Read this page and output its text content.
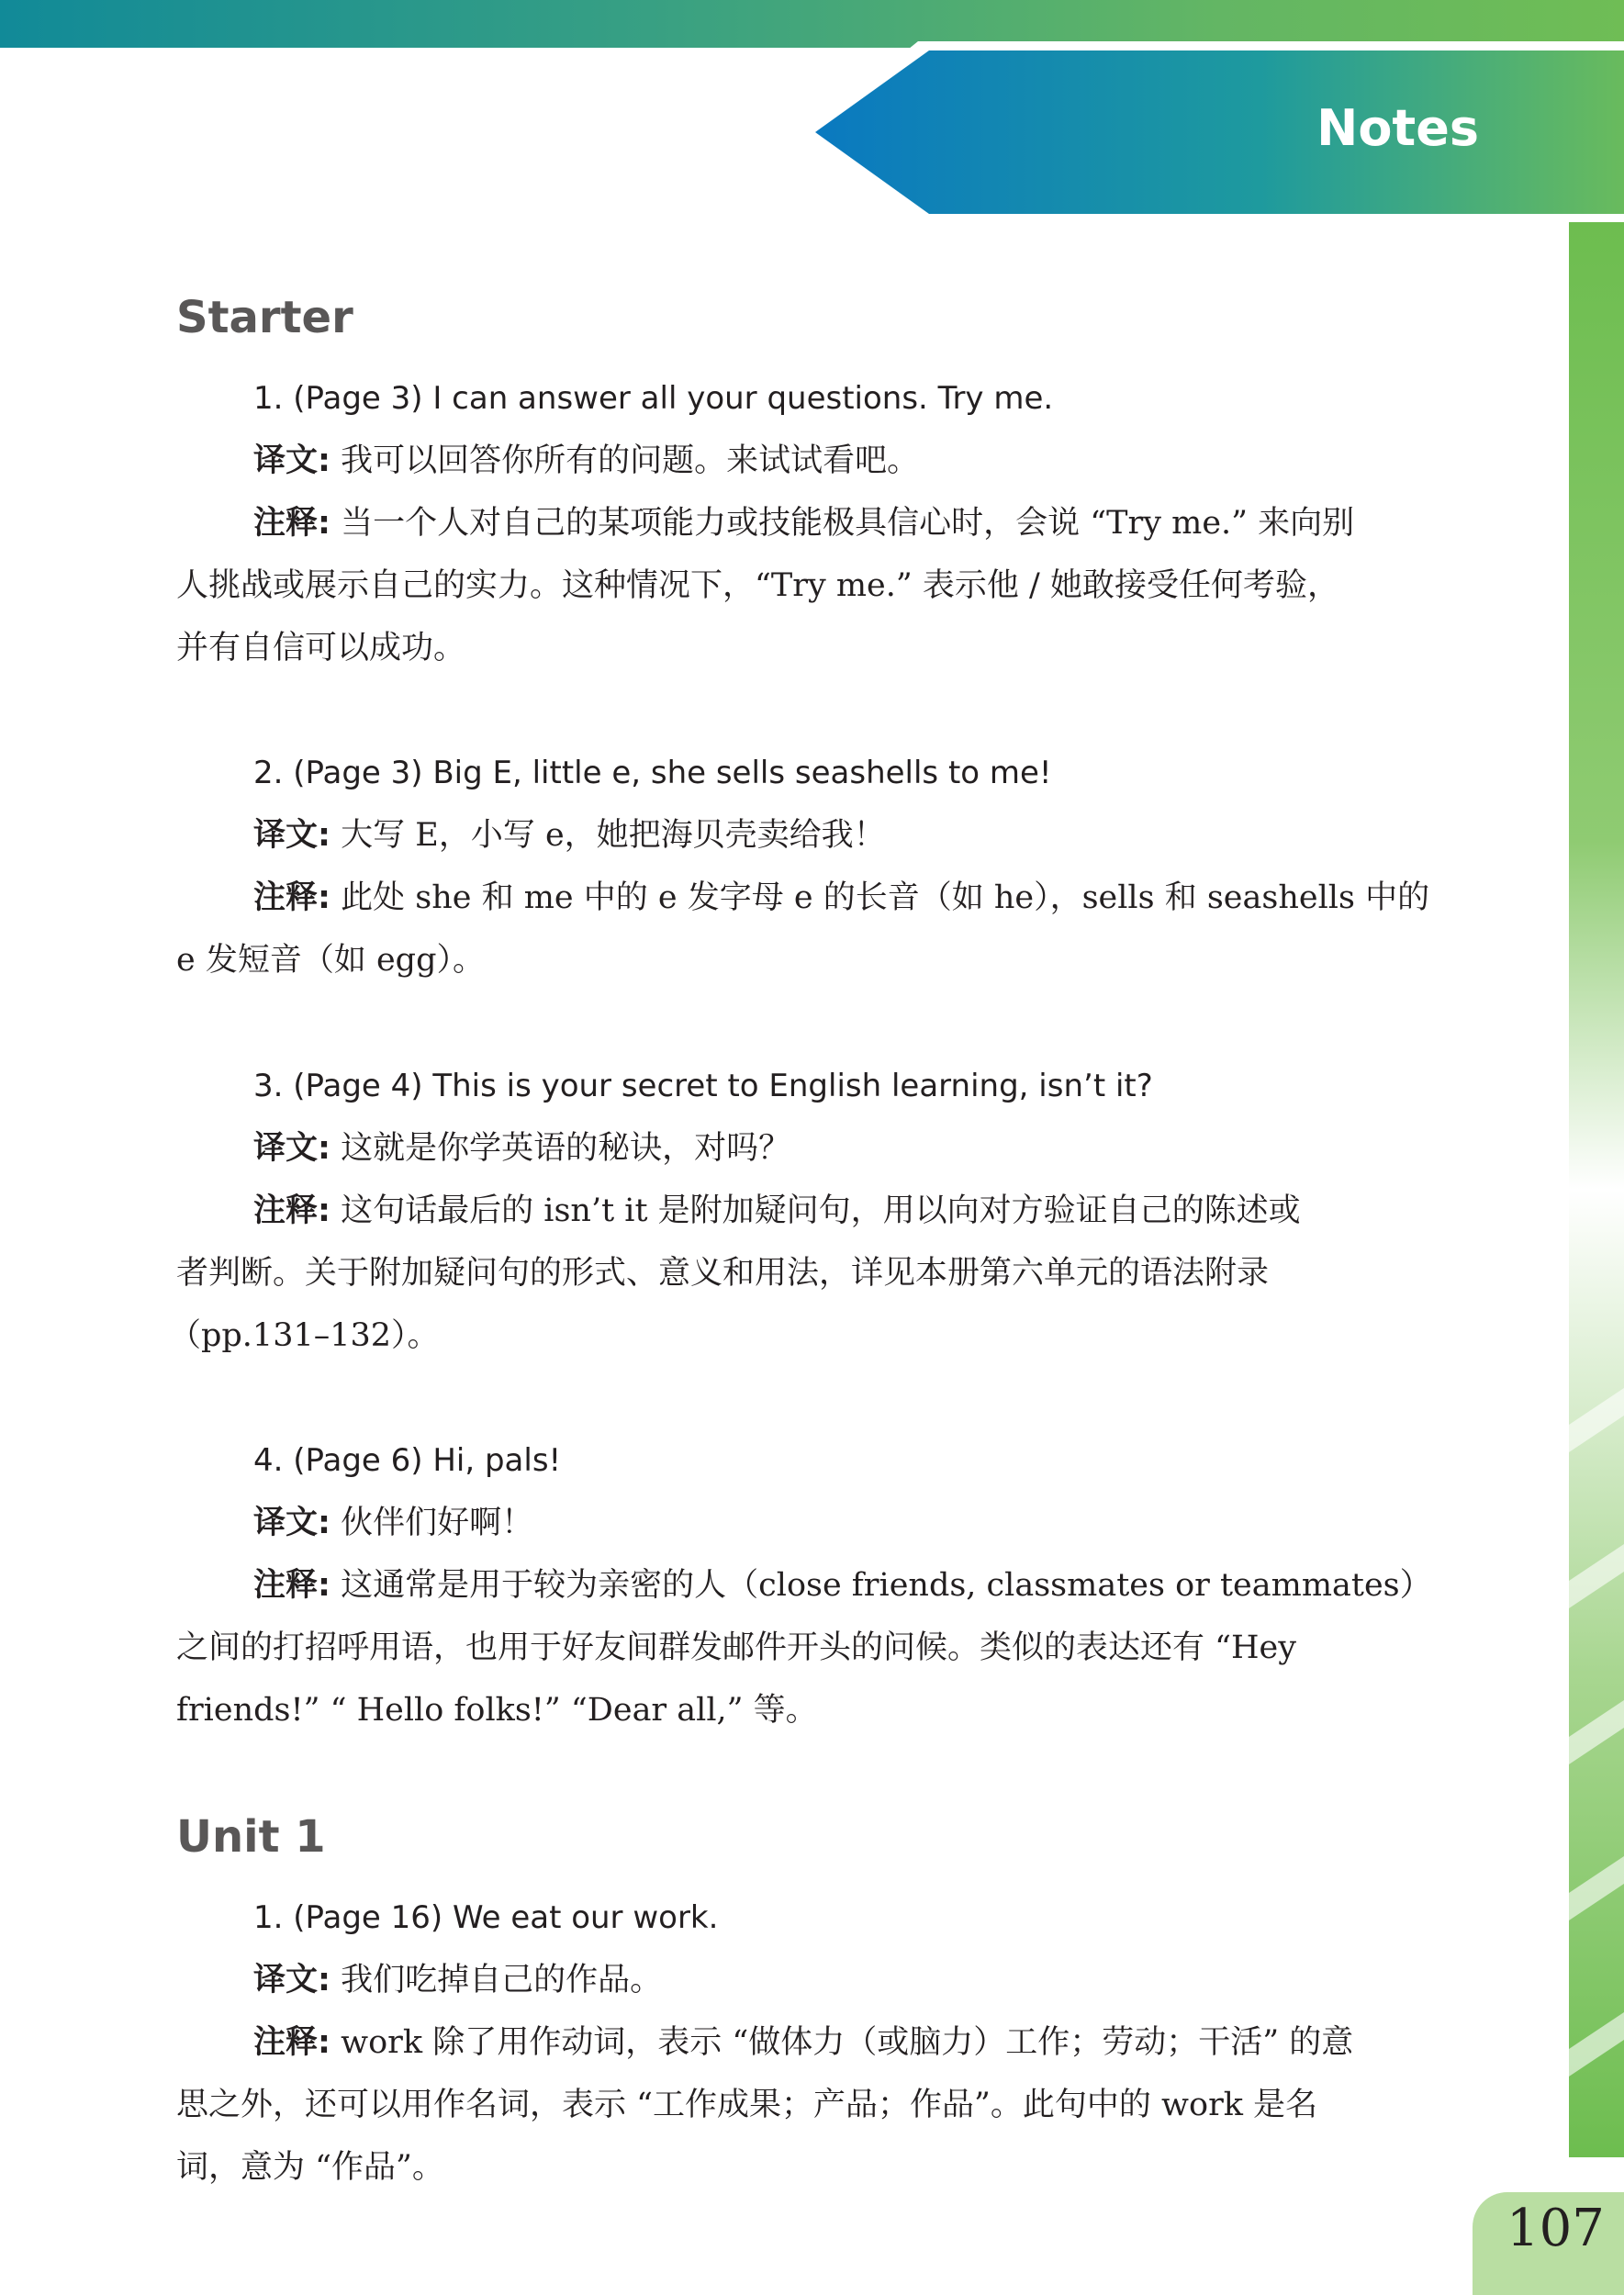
Notes
107
Starter
1. (Page 3) I can answer all your questions. Try me.
译文: 我可以回答你所有的问题。来试试看吧。
注释: 当一个人对自己的某项能力或技能极具信心时，会说 “Try me.” 来向别
人挑战或展示自己的实力。这种情况下，“Try me.” 表示他 / 她敢接受任何考验，
并有自信可以成功。
2. (Page 3) Big E, little e, she sells seashells to me!
译文: 大写 E，小写 e，她把海贝壳卖给我！
注释: 此处 she 和 me 中的 e 发字母 e 的长音（如 he），sells 和 seashells 中的
e 发短音（如 egg）。
3. (Page 4) This is your secret to English learning, isn’t it?
译文: 这就是你学英语的秘诀，对吗？
注释: 这句话最后的 isn’t it 是附加疑问句，用以向对方验证自己的陈述或
者判断。关于附加疑问句的形式、意义和用法，详见本册第六单元的语法附录
（pp.131–132）。
4. (Page 6) Hi, pals!
译文: 伙伴们好啊！
注释: 这通常是用于较为亲密的人（close friends, classmates or teammates）
之间的打招呼用语，也用于好友间群发邮件开头的问候。类似的表达还有 “Hey
friends!” “ Hello folks!” “Dear all,” 等。
Unit 1
1. (Page 16) We eat our work.
译文: 我们吃掉自己的作品。
注释: work 除了用作动词，表示 “做体力（或脑力）工作；劳动；干活” 的意
思之外，还可以用作名词，表示 “工作成果；产品；作品”。此句中的 work 是名
词，意为 “作品”。
